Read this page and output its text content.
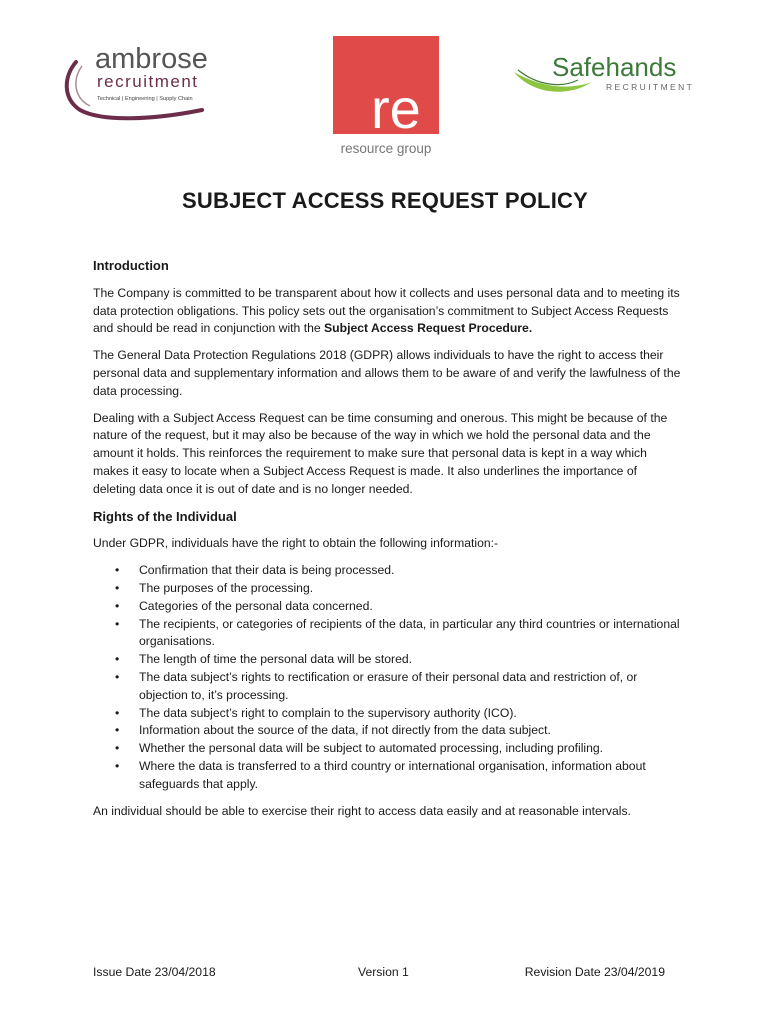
ambrose
recruitment
Technical | Engineering | Supply Chain	re
resource group
Safehands
RECRUITMENT
SUBJECT ACCESS REQUEST POLICY
Introduction

The Company is committed to be transparent about how it collects and uses personal data and to meeting its data protection obligations. This policy sets out the organisation’s commitment to Subject Access Requests and should be read in conjunction with the Subject Access Request Procedure.

The General Data Protection Regulations 2018 (GDPR) allows individuals to have the right to access their personal data and supplementary information and allows them to be aware of and verify the lawfulness of the data processing.

Dealing with a Subject Access Request can be time consuming and onerous. This might be because of the nature of the request, but it may also be because of the way in which we hold the personal data and the amount it holds. This reinforces the requirement to make sure that personal data is kept in a way which makes it easy to locate when a Subject Access Request is made. It also underlines the importance of deleting data once it is out of date and is no longer needed.

Rights of the Individual

Under GDPR, individuals have the right to obtain the following information:-

• Confirmation that their data is being processed.
• The purposes of the processing.
• Categories of the personal data concerned.
• The recipients, or categories of recipients of the data, in particular any third countries or international organisations.
• The length of time the personal data will be stored.
• The data subject’s rights to rectification or erasure of their personal data and restriction of, or objection to, it’s processing.
• The data subject’s right to complain to the supervisory authority (ICO).
• Information about the source of the data, if not directly from the data subject.
• Whether the personal data will be subject to automated processing, including profiling.
• Where the data is transferred to a third country or international organisation, information about safeguards that apply.

An individual should be able to exercise their right to access data easily and at reasonable intervals.

Issue Date 23/04/2018	Version 1	Revision Date 23/04/2019
